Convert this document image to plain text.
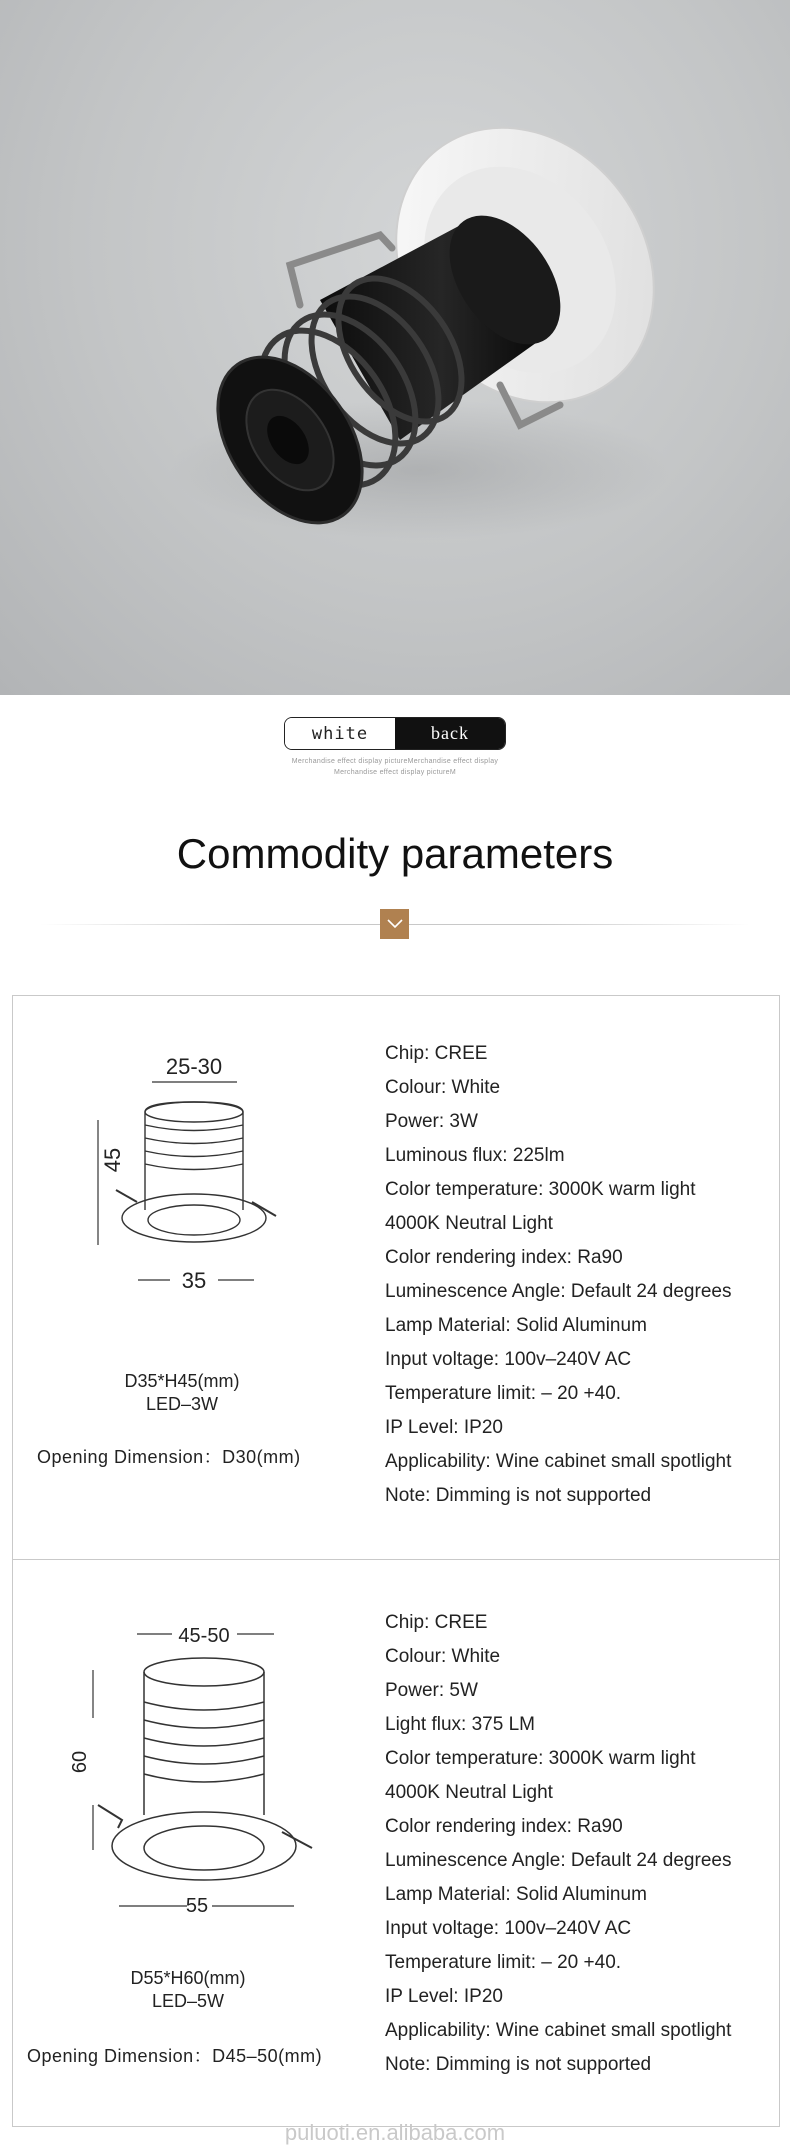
white	back
Merchandise effect display pictureMerchandise effect display
Merchandise effect display pictureM
Commodity parameters
25-30
45
35
D35*H45(mm)
LED–3W
Opening Dimension：D30(mm)
Chip: CREE
Colour: White
Power: 3W
Luminous flux: 225lm
Color temperature: 3000K warm light
4000K Neutral Light
Color rendering index: Ra90
Luminescence Angle: Default 24 degrees
Lamp Material: Solid Aluminum
Input voltage: 100v–240V AC
Temperature limit: – 20 +40.
IP Level: IP20
Applicability: Wine cabinet small spotlight
Note: Dimming is not supported
45-50
60
55
D55*H60(mm)
LED–5W
Opening Dimension：D45–50(mm)
Chip: CREE
Colour: White
Power: 5W
Light flux: 375 LM
Color temperature: 3000K warm light
4000K Neutral Light
Color rendering index: Ra90
Luminescence Angle: Default 24 degrees
Lamp Material: Solid Aluminum
Input voltage: 100v–240V AC
Temperature limit: – 20 +40.
IP Level: IP20
Applicability: Wine cabinet small spotlight
Note: Dimming is not supported
puluoti.en.alibaba.com
